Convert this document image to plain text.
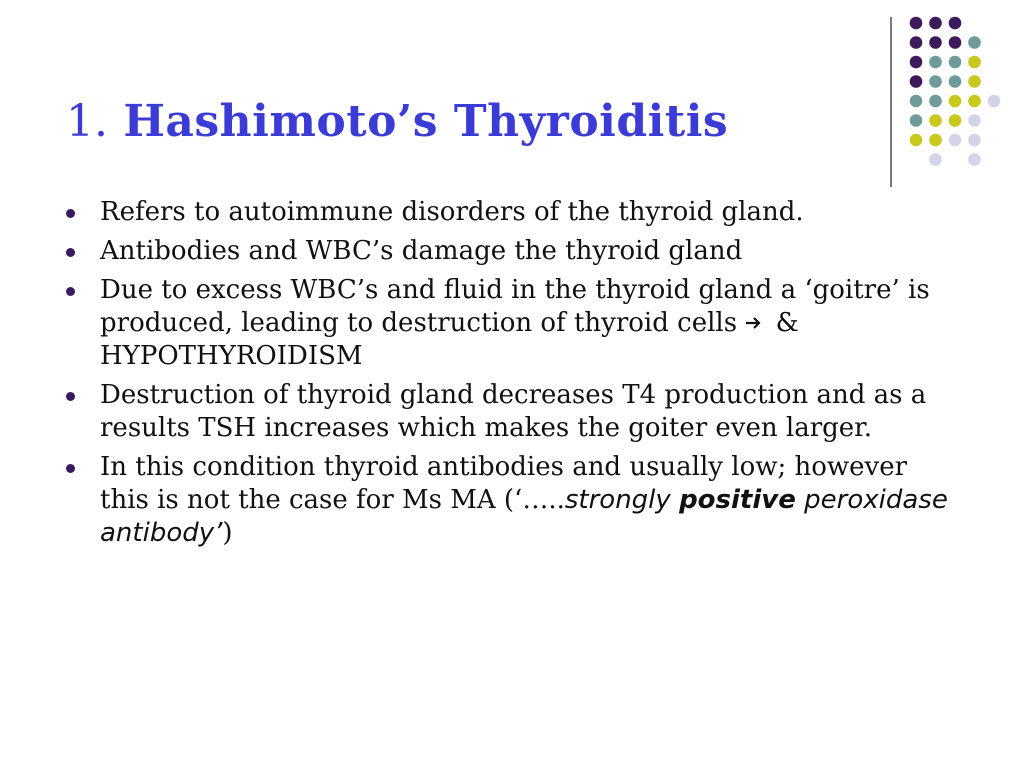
1. Hashimoto’s Thyroiditis
Refers to autoimmune disorders of the thyroid gland.
Antibodies and WBC’s damage the thyroid gland
Due to excess WBC’s and fluid in the thyroid gland a ‘goitre’ is produced, leading to destruction of thyroid cells & HYPOTHYROIDISM
Destruction of thyroid gland decreases T4 production and as a results TSH increases which makes the goiter even larger.
In this condition thyroid antibodies and usually low; however this is not the case for Ms MA (‘…..strongly positive peroxidase antibody’)
